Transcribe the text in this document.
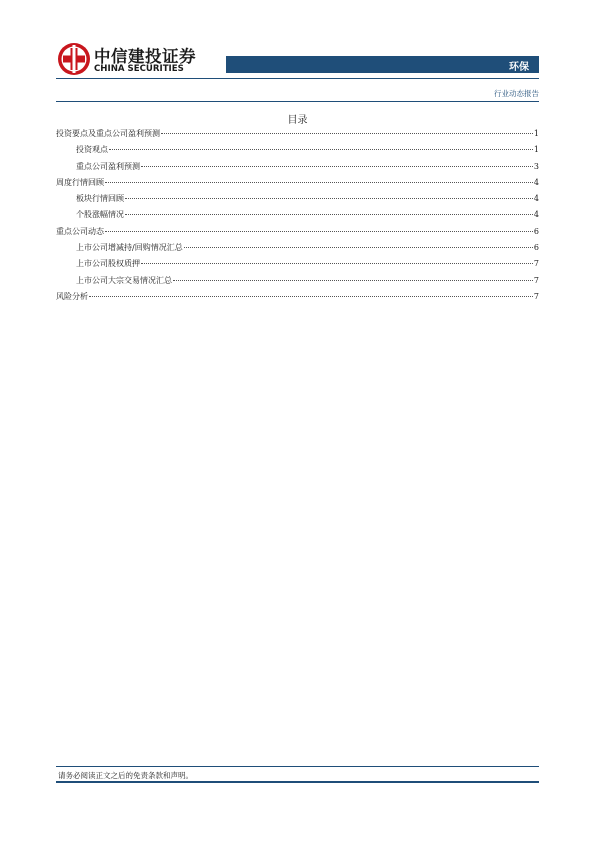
中信建投证券
CHINA SECURITIES	环保
行业动态报告
目录
投资要点及重点公司盈利预测	1
投资观点	1
重点公司盈利预测	3
周度行情回顾	4
板块行情回顾	4
个股涨幅情况	4
重点公司动态	6
上市公司增减持/回购情况汇总	6
上市公司股权质押	7
上市公司大宗交易情况汇总	7
风险分析	7
请务必阅读正文之后的免责条款和声明。
